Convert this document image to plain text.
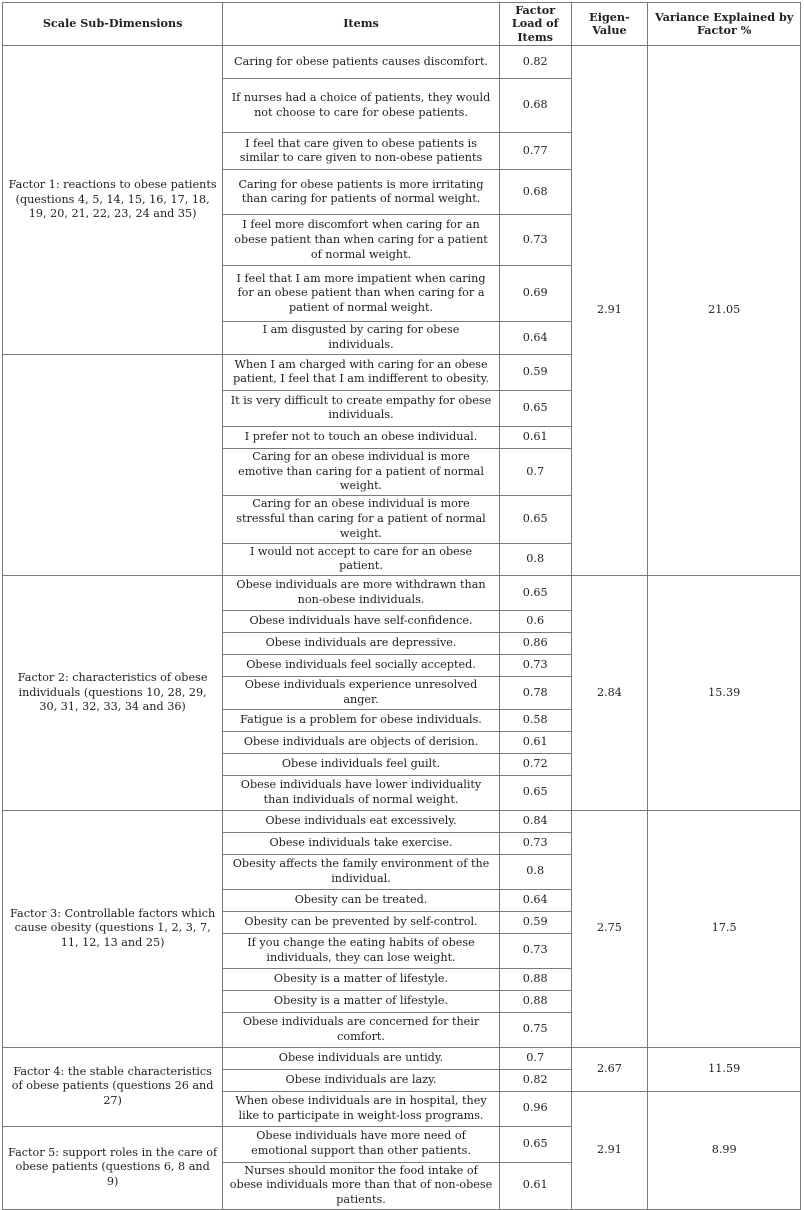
Scale Sub-Dimensions	Items	Factor Load of Items	Eigen-Value	Variance Explained by Factor %
Factor 1: reactions to obese patients (questions 4, 5, 14, 15, 16, 17, 18, 19, 20, 21, 22, 23, 24 and 35)	Caring for obese patients causes discomfort.	0.82	2.91	21.05
	If nurses had a choice of patients, they would not choose to care for obese patients.	0.68		
	I feel that care given to obese patients is similar to care given to non-obese patients	0.77		
	Caring for obese patients is more irritating than caring for patients of normal weight.	0.68		
	I feel more discomfort when caring for an obese patient than when caring for a patient of normal weight.	0.73		
	I feel that I am more impatient when caring for an obese patient than when caring for a patient of normal weight.	0.69		
	I am disgusted by caring for obese individuals.	0.64		
	When I am charged with caring for an obese patient, I feel that I am indifferent to obesity.	0.59		
	It is very difficult to create empathy for obese individuals.	0.65		
	I prefer not to touch an obese individual.	0.61		
	Caring for an obese individual is more emotive than caring for a patient of normal weight.	0.7		
	Caring for an obese individual is more stressful than caring for a patient of normal weight.	0.65		
	I would not accept to care for an obese patient.	0.8		
Factor 2: characteristics of obese individuals (questions 10, 28, 29, 30, 31, 32, 33, 34 and 36)	Obese individuals are more withdrawn than non-obese individuals.	0.65	2.84	15.39
	Obese individuals have self-confidence.	0.6		
	Obese individuals are depressive.	0.86		
	Obese individuals feel socially accepted.	0.73		
	Obese individuals experience unresolved anger.	0.78		
	Fatigue is a problem for obese individuals.	0.58		
	Obese individuals are objects of derision.	0.61		
	Obese individuals feel guilt.	0.72		
	Obese individuals have lower individuality than individuals of normal weight.	0.65		
Factor 3: Controllable factors which cause obesity (questions 1, 2, 3, 7, 11, 12, 13 and 25)	Obese individuals eat excessively.	0.84	2.75	17.5
	Obese individuals take exercise.	0.73		
	Obesity affects the family environment of the individual.	0.8		
	Obesity can be treated.	0.64		
	Obesity can be prevented by self-control.	0.59		
	If you change the eating habits of obese individuals, they can lose weight.	0.73		
	Obesity is a matter of lifestyle.	0.88		
	Obesity is a matter of lifestyle.	0.88		
	Obese individuals are concerned for their comfort.	0.75		
Factor 4: the stable characteristics of obese patients (questions 26 and 27)	Obese individuals are untidy.	0.7	2.67	11.59
	Obese individuals are lazy.	0.82		
	When obese individuals are in hospital, they like to participate in weight-loss programs.	0.96	2.91	8.99
Factor 5: support roles in the care of obese patients (questions 6, 8 and 9)	Obese individuals have more need of emotional support than other patients.	0.65		
	Nurses should monitor the food intake of obese individuals more than that of non-obese patients.	0.61		
